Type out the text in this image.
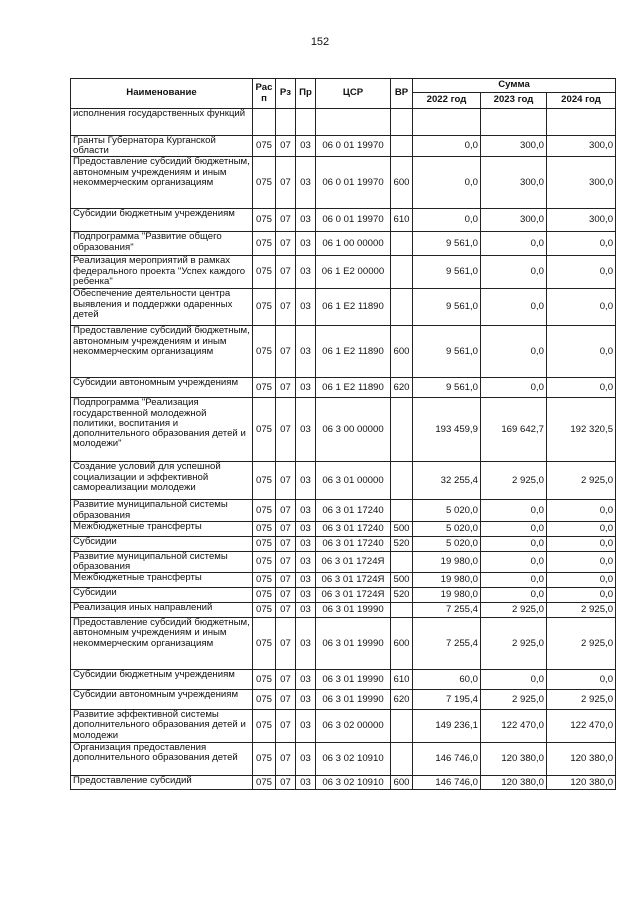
152
Наименование	Рас п	Рз	Пр	ЦСР	ВР	Сумма		
						2022 год	2023 год	2024 год
исполнения государственных функций								
Гранты Губернатора Курганской области	075	07	03	06 0 01 19970		0,0	300,0	300,0
Предоставление субсидий бюджетным, автономным учреждениям и иным некоммерческим организациям	075	07	03	06 0 01 19970	600	0,0	300,0	300,0
Субсидии бюджетным учреждениям	075	07	03	06 0 01 19970	610	0,0	300,0	300,0
Подпрограмма "Развитие общего образования"	075	07	03	06 1 00 00000		9 561,0	0,0	0,0
Реализация мероприятий в рамках федерального проекта "Успех каждого ребенка"	075	07	03	06 1 E2 00000		9 561,0	0,0	0,0
Обеспечение деятельности центра выявления и поддержки одаренных детей	075	07	03	06 1 E2 11890		9 561,0	0,0	0,0
Предоставление субсидий бюджетным, автономным учреждениям и иным некоммерческим организациям	075	07	03	06 1 E2 11890	600	9 561,0	0,0	0,0
Субсидии автономным учреждениям	075	07	03	06 1 E2 11890	620	9 561,0	0,0	0,0
Подпрограмма "Реализация государственной молодежной политики, воспитания и дополнительного образования детей и молодежи"	075	07	03	06 3 00 00000		193 459,9	169 642,7	192 320,5
Создание условий для успешной социализации и эффективной самореализации молодежи	075	07	03	06 3 01 00000		32 255,4	2 925,0	2 925,0
Развитие муниципальной системы образования	075	07	03	06 3 01 17240		5 020,0	0,0	0,0
Межбюджетные трансферты	075	07	03	06 3 01 17240	500	5 020,0	0,0	0,0
Субсидии	075	07	03	06 3 01 17240	520	5 020,0	0,0	0,0
Развитие муниципальной системы образования	075	07	03	06 3 01 1724Я		19 980,0	0,0	0,0
Межбюджетные трансферты	075	07	03	06 3 01 1724Я	500	19 980,0	0,0	0,0
Субсидии	075	07	03	06 3 01 1724Я	520	19 980,0	0,0	0,0
Реализация иных направлений	075	07	03	06 3 01 19990		7 255,4	2 925,0	2 925,0
Предоставление субсидий бюджетным, автономным учреждениям и иным некоммерческим организациям	075	07	03	06 3 01 19990	600	7 255,4	2 925,0	2 925,0
Субсидии бюджетным учреждениям	075	07	03	06 3 01 19990	610	60,0	0,0	0,0
Субсидии автономным учреждениям	075	07	03	06 3 01 19990	620	7 195,4	2 925,0	2 925,0
Развитие эффективной системы дополнительного образования детей и молодежи	075	07	03	06 3 02 00000		149 236,1	122 470,0	122 470,0
Организация предоставления дополнительного образования детей	075	07	03	06 3 02 10910		146 746,0	120 380,0	120 380,0
Предоставление субсидий	075	07	03	06 3 02 10910	600	146 746,0	120 380,0	120 380,0
